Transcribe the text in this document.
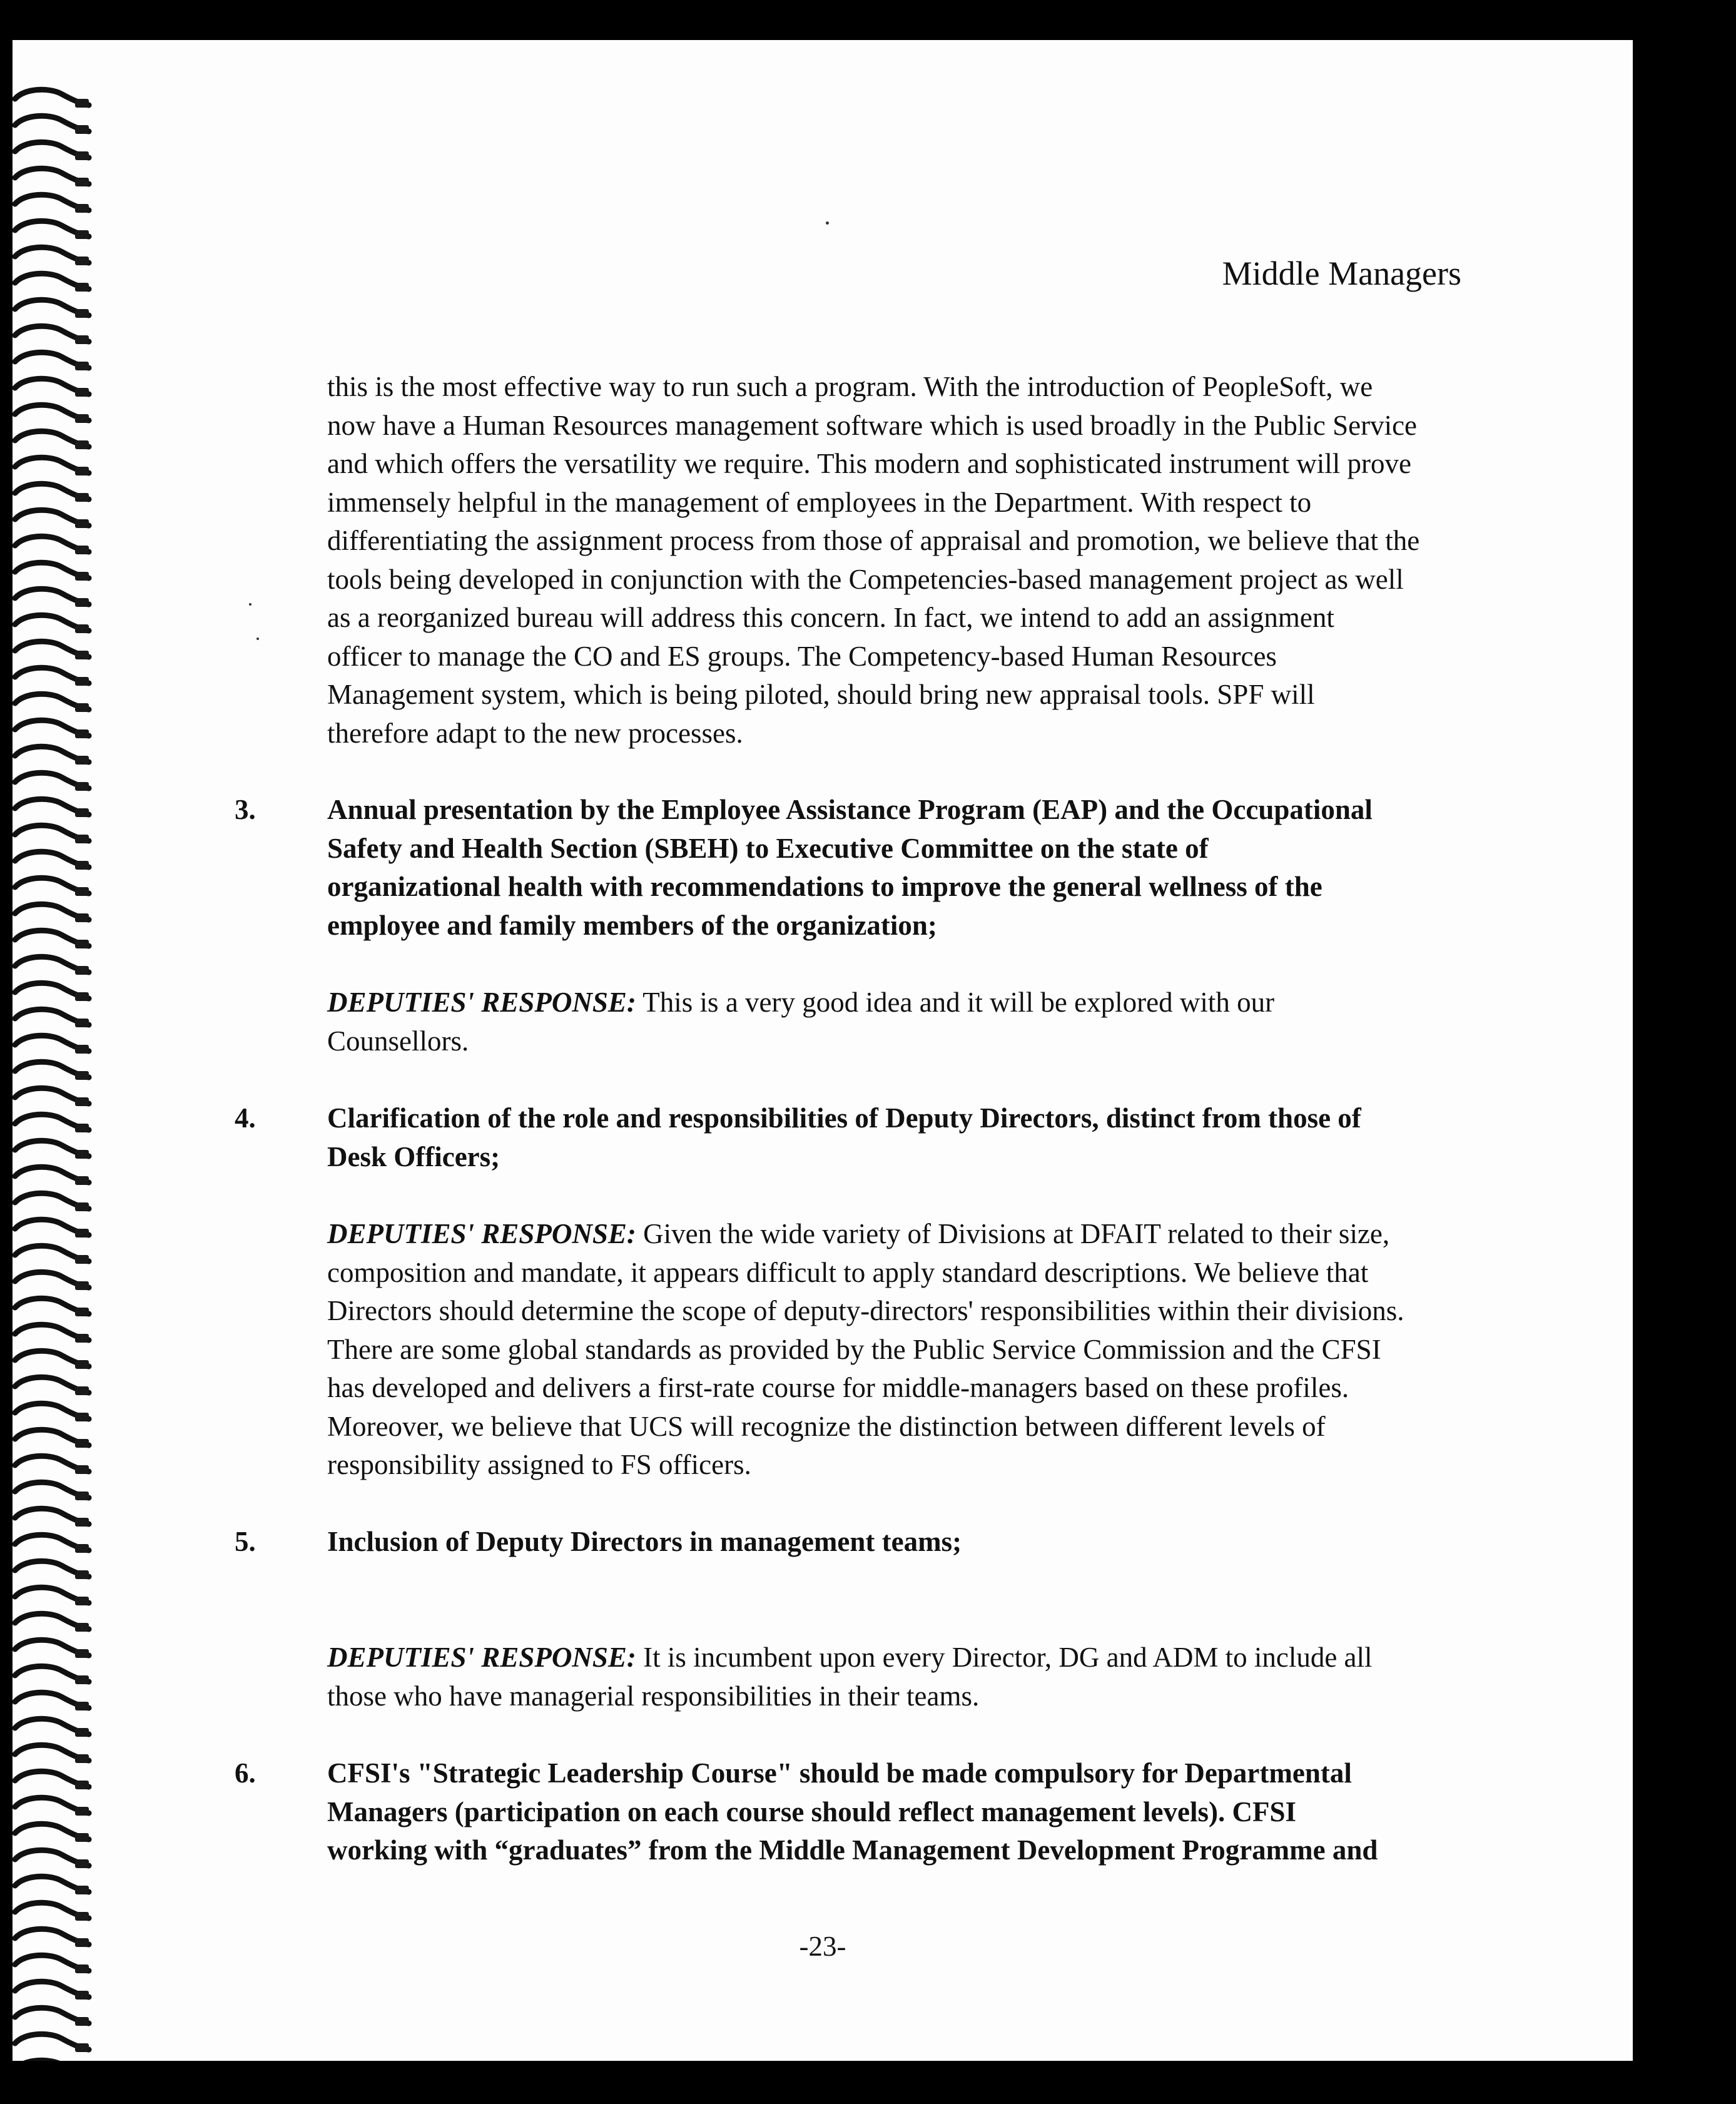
Middle Managers
this is the most effective way to run such a program. With the introduction of PeopleSoft, we
now have a Human Resources management software which is used broadly in the Public Service
and which offers the versatility we require. This modern and sophisticated instrument will prove
immensely helpful in the management of employees in the Department. With respect to
differentiating the assignment process from those of appraisal and promotion, we believe that the
tools being developed in conjunction with the Competencies-based management project as well
as a reorganized bureau will address this concern. In fact, we intend to add an assignment
officer to manage the CO and ES groups. The Competency-based Human Resources
Management system, which is being piloted, should bring new appraisal tools. SPF will
therefore adapt to the new processes.
3.	Annual presentation by the Employee Assistance Program (EAP) and the Occupational
Safety and Health Section (SBEH) to Executive Committee on the state of
organizational health with recommendations to improve the general wellness of the
employee and family members of the organization;
DEPUTIES' RESPONSE: This is a very good idea and it will be explored with our
Counsellors.
4.	Clarification of the role and responsibilities of Deputy Directors, distinct from those of
Desk Officers;
DEPUTIES' RESPONSE: Given the wide variety of Divisions at DFAIT related to their size,
composition and mandate, it appears difficult to apply standard descriptions. We believe that
Directors should determine the scope of deputy-directors' responsibilities within their divisions.
There are some global standards as provided by the Public Service Commission and the CFSI
has developed and delivers a first-rate course for middle-managers based on these profiles.
Moreover, we believe that UCS will recognize the distinction between different levels of
responsibility assigned to FS officers.
5.	Inclusion of Deputy Directors in management teams;
DEPUTIES' RESPONSE: It is incumbent upon every Director, DG and ADM to include all
those who have managerial responsibilities in their teams.
6.	CFSI's "Strategic Leadership Course" should be made compulsory for Departmental
Managers (participation on each course should reflect management levels). CFSI
working with “graduates” from the Middle Management Development Programme and
-23-
